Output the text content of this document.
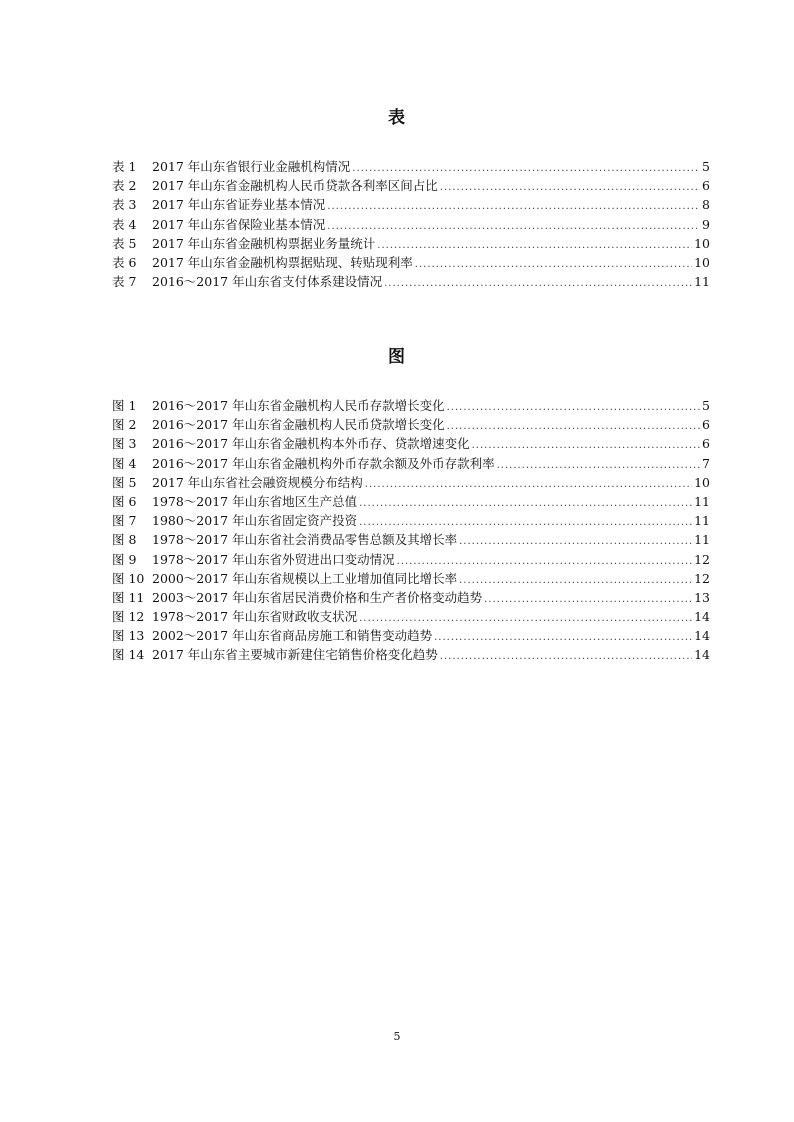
表
表 1	2017 年山东省银行业金融机构情况 .....	5
表 2	2017 年山东省金融机构人民币贷款各利率区间占比 .....	6
表 3	2017 年山东省证券业基本情况 .....	8
表 4	2017 年山东省保险业基本情况 .....	9
表 5	2017 年山东省金融机构票据业务量统计 .....	10
表 6	2017 年山东省金融机构票据贴现、转贴现利率 .....	10
表 7	2016～2017 年山东省支付体系建设情况 .....	11
图
图 1	2016～2017 年山东省金融机构人民币存款增长变化 .....	5
图 2	2016～2017 年山东省金融机构人民币贷款增长变化 .....	6
图 3	2016～2017 年山东省金融机构本外币存、贷款增速变化 .....	6
图 4	2016～2017 年山东省金融机构外币存款余额及外币存款利率 .....	7
图 5	2017 年山东省社会融资规模分布结构 .....	10
图 6	1978～2017 年山东省地区生产总值 .....	11
图 7	1980～2017 年山东省固定资产投资 .....	11
图 8	1978～2017 年山东省社会消费品零售总额及其增长率 .....	11
图 9	1978～2017 年山东省外贸进出口变动情况 .....	12
图 10 2000～2017 年山东省规模以上工业增加值同比增长率 .....	12
图 11 2003～2017 年山东省居民消费价格和生产者价格变动趋势 .....	13
图 12 1978～2017 年山东省财政收支状况 .....	14
图 13 2002～2017 年山东省商品房施工和销售变动趋势 .....	14
图 14 2017 年山东省主要城市新建住宅销售价格变化趋势 .....	14
5
